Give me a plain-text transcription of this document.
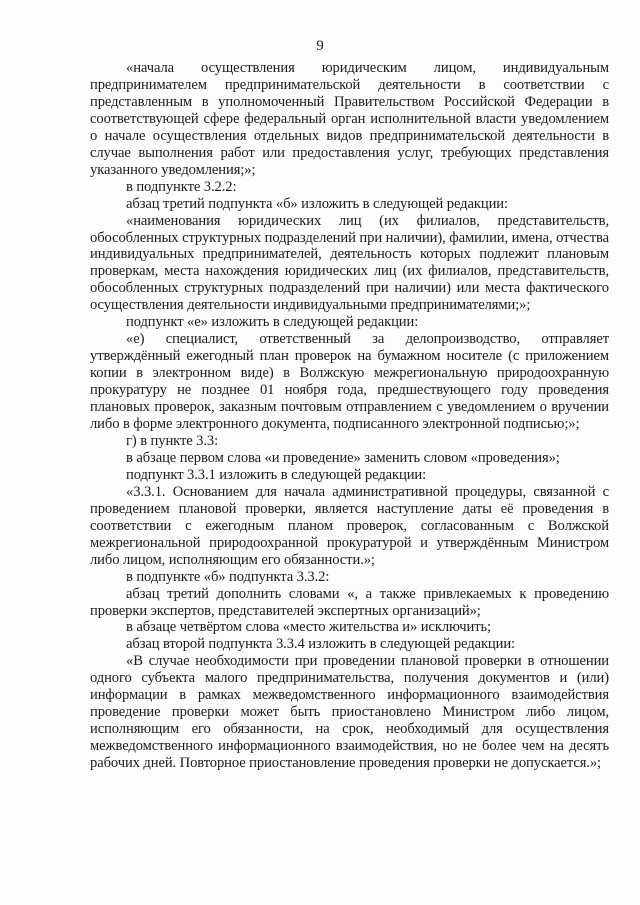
9

«начала осуществления юридическим лицом, индивидуальным предпринимателем предпринимательской деятельности в соответствии с представленным в уполномоченный Правительством Российской Федерации в соответствующей сфере федеральный орган исполнительной власти уведомлением о начале осуществления отдельных видов предпринимательской деятельности в случае выполнения работ или предоставления услуг, требующих представления указанного уведомления;»;

в подпункте 3.2.2:

абзац третий подпункта «б» изложить в следующей редакции:

«наименования юридических лиц (их филиалов, представительств, обособленных структурных подразделений при наличии), фамилии, имена, отчества индивидуальных предпринимателей, деятельность которых подлежит плановым проверкам, места нахождения юридических лиц (их филиалов, представительств, обособленных структурных подразделений при наличии) или места фактического осуществления деятельности индивидуальными предпринимателями;»;

подпункт «е» изложить в следующей редакции:

«е) специалист, ответственный за делопроизводство, отправляет утверждённый ежегодный план проверок на бумажном носителе (с приложением копии в электронном виде) в Волжскую межрегиональную природоохранную прокуратуру не позднее 01 ноября года, предшествующего году проведения плановых проверок, заказным почтовым отправлением с уведомлением о вручении либо в форме электронного документа, подписанного электронной подписью;»;

г) в пункте 3.3:

в абзаце первом слова «и проведение» заменить словом «проведения»;

подпункт 3.3.1 изложить в следующей редакции:

«3.3.1. Основанием для начала административной процедуры, связанной с проведением плановой проверки, является наступление даты её проведения в соответствии с ежегодным планом проверок, согласованным с Волжской межрегиональной природоохранной прокуратурой и утверждённым Министром либо лицом, исполняющим его обязанности.»;

в подпункте «б» подпункта 3.3.2:

абзац третий дополнить словами «, а также привлекаемых к проведению проверки экспертов, представителей экспертных организаций»;

в абзаце четвёртом слова «место жительства и» исключить;

абзац второй подпункта 3.3.4 изложить в следующей редакции:

«В случае необходимости при проведении плановой проверки в отношении одного субъекта малого предпринимательства, получения документов и (или) информации в рамках межведомственного информационного взаимодействия проведение проверки может быть приостановлено Министром либо лицом, исполняющим его обязанности, на срок, необходимый для осуществления межведомственного информационного взаимодействия, но не более чем на десять рабочих дней. Повторное приостановление проведения проверки не допускается.»;
